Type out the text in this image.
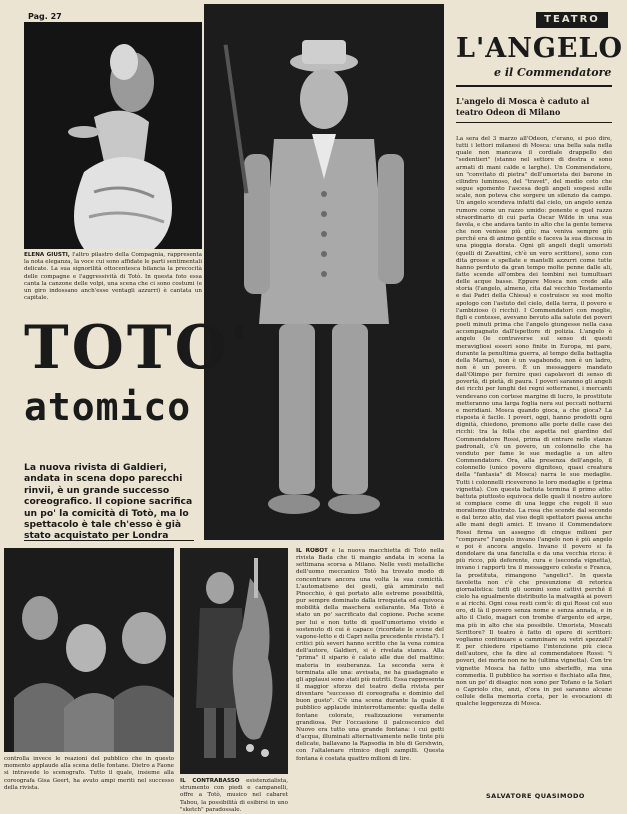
Pag. 27
ELENA GIUSTI, l'altro pilastro della Compagnia, rappresenta la nota eleganza, la voce cui sono affidate le parti sentimentali delicate. La sua signorilità ottocentesca bilancia la precocità delle compagne e l'aggressività di Totò. In questa foto essa canta la canzone delle volpi, una scena che ci sono costumi (e un giro indossano anch'esse ventagli azzurri) è cantata un capitale.
TEATRO
L'ANGELO
e il Commendatore
L'angelo di Mosca è caduto al teatro Odeon di Milano
La sera del 3 marzo all'Odeon, c'erano, si può dire, tutti i lettori milanesi di Mosca: una bella sala nella quale non mancava il cordiale drappello dei "sedentieri" (stanno nel settore di destra e sono armati di mani calde e larghe). Un Commendatore, un "convitato di pietra" dell'umorista dei barone in cilindro luminoso, del "travet", del medio ceto che segue sgomento l'ascesa degli angeli sospesi sulle scale, non poteva che sorgere un silenzio da campo. Un angelo scendeva infatti dal cielo, un angelo senza rumore come un razzo umido: ponente e quel razzo straordinario di cui parla Oscar Wilde in una sua favola, e che andava tanto in alto che la gente temeva che non venisse più giù; ma veniva sempre giù perché era di animo gentile e faceva la sua discesa in una pioggia dorata. Ogni gli angeli degli umoristi (quelli di Zavattini, ch'è un vero scrittore), sono con dita grosse e spellate e mantelli azzurri come tutte hanno perduto da gran tempo molte penne dalle ali, fatte scende all'ombra dei tombini nei tumultuari delle acque basse. Eppure Mosca non crede alla storia (l'angelo, almeno, cita dal vecchio Testamento e dai Padri della Chiesa) e costruisce su essi molto apologo con l'astuto del cielo, della terra, il povero e l'ambizioso (i ricchi). I Commendatori con moglie, figli e contesse, avevano bevuto alla salute dei poveri poeti minuti prima che l'angelo giungesse nella casa accompagnato dall'ispettore di polizia. L'angelo è angelo (le contraverse sul senso di questi meravigliosi esseri sono finite in Europa, mi pare, durante la penultima guerra, al tempo della battaglia della Marna), non è un vagabondo, non è un ladro, non è un povero. È un messaggero mandato dall'Olimpo per fornire quei capolavori di senso di povertà, di pietà, di paura. I poveri saranno gli angeli dei ricchi per lunghi dei regni sotterranei, i mercanti vendevano con cortese margine di lucro, le prostitute metteranno una larga foglia nera sui peccati notturni e meridiani. Mosca quando gioca, a che gioca? La risposta è facile. I poveri, oggi, hanno prodotti ogni dignità, chiedono, premono alle porte delle case dei ricchi: tra la folla che aspetta nel giardino del Commendatore Rossi, prima di entrare nelle stanze padronali, c'è un povero, un colonnello che ha venduto per fame le sue medaglie a un altro Commendatore. Ora, alla presenza dell'angelo, il colonnello (unico povero dignitoso, quasi creatura della "fantasia" di Mosca) narra le sue medaglie. Tutti i colonnelli riceverono le loro medaglie e (prima vignetta). Con questa battuta termina il primo atto: battuta piuttosto equivoca delle quali il nostro autore si compiace come di una legge che regoli il suo moralismo illustrato. La rosa che scende dal secondo e dal terzo atto, dal viso degli spettatori passa anche alle mani degli amici. E invano il Commendatore Rossi firma un assegno di cinque milioni per "comprare" l'angelo invano l'angelo non è più angelo e poi è ancora angelo. Invano il povero si fa dondolare da una fanciulla e da una vecchia ricca: è più ricco, più deferente, cura e (seconda vignetta), invano i rapporti tra il messaggero celeste e Franca, la prostituta, rimangono "angelici". In questa favoletta non c'è che presunzione di retorica giornalistica: tutti gli uomini sono cattivi perché il cielo ha egualmente distribuito la malvagità ai poveri e ai ricchi. Ogni cosa resti com'è: di qui Rossi col suo oro, di là il povero senza nome e senza annata, e in alto il Cielo, magari con trombe d'argento ed arpe, ma più in alto che sia possibile. Umorista, Moscati Scrittore? Il teatro è fatto di opere di scrittori: vogliamo continuare a camminare su vetri spezzati? E per chiedere ripetiamo l'intenzione più cieca dell'autore, che fa dire al commendatore Rossi: "i poveri, dei morte non ne ho (ultima vignetta). Con tre vignette Mosca ha fatto uno sberleffo, ma una commedia. Il pubblico ha sorriso e fischiato alla fine, non un po' di disagio: non sono per Tofano o la Solari o Capriolo che, anzi, d'ora in poi saranno alcune cellule della memoria corta, per le evocazioni di qualche leggerezza di Mosca.
SALVATORE QUASIMODO
TOTO'
atomico
La nuova rivista di Galdieri, andata in scena dopo parecchi rinvii, è un grande successo coreografico. Il copione sacrifica un po' la comicità di Totò, ma lo spettacolo è tale ch'esso è già stato acquistato per Londra
controlla invece le reazioni del pubblico che in questo momento applaude alla scena delle fontane. Dietro a Faone si intravede lo scenografo. Tutto il quale, insieme alla coreografa Gisa Geert, ha avuto ampi meriti nel successo della rivista.
IL CONTRABASSO esistenzialista, strumento con piedi e campanelli, offre a Totò, musico nel cabaret Tabou, la possibilità di esibirsi in uno "sketch" paradossale.
IL ROBOT è la nuova macchietta di Totò nella rivista Bada che ti mangio andata in scena la settimana scorsa a Milano. Nelle vesti metalliche dell'uomo meccanico Totò ha trovato modo di concentrare ancora una volta la sua comicità. L'automatismo dei gesti, già ammirato nel Pinocchio, è qui portato alle estreme possibilità, pur sempre dominato dalla irrequieta ed equivoca mobilità della maschera esilarante. Ma Totò è stato un po' sacrificato dal copione. Poche scene per lui e non tutte di quell'umorismo vivido e sostenuto di cui è capace (ricordate le scene del vagone-letto e di Capri nella precedente rivista?). I critici più severi hanno scritto che la vena comica dell'autore, Galdieri, si è rivelata stanca. Alla "prima" il sipario è calato alle due del mattino: materia in esuberanza. La seconda sera è terminata alle una: avvisata, ne ha guadagnato e gli applausi sono stati più nutriti. Essa rappresenta il maggior sforzo del teatro della rivista per diventare "successo di coreografia e dominio del buon gusto". C'è una scena durante la quale il pubblico applaude ininterrottamente: quella delle fontane colorate, realizzazione veramente grandiosa. Per l'occasione il palcoscenico del Nuovo era tutto una grande fontana: i cui getti d'acqua, illuminati alternativamente nelle tinte più delicate, ballavano la Rapsodia in blu di Gershwin, con l'altalenare ritmico degli zampilli. Questa fontana è costata quattro milioni di lire.
